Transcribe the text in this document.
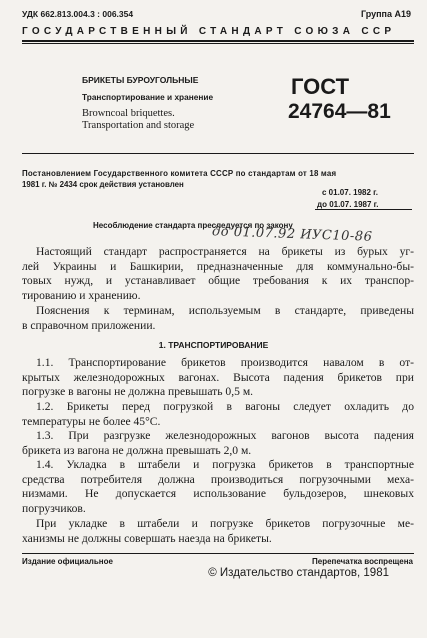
УДК 662.813.004.3 : 006.354	Группа А19
ГОСУДАРСТВЕННЫЙ СТАНДАРТ СОЮЗА ССР
БРИКЕТЫ БУРОУГОЛЬНЫЕ
Транспортирование и хранение
Browncoal briquettes.
Transportation and storage
ГОСТ
24764—81
Постановлением Государственного комитета СССР по стандартам от 18 мая
1981 г. № 2434 срок действия установлен
с 01.07. 1982 г.
до 01.07. 1987 г.
Несоблюдение стандарта преследуется по закону
до 01.07.92 ИУС10-86
Настоящий стандарт распространяется на брикеты из бурых уг-
лей Украины и Башкирии, предназначенные для коммунально-бы-
товых нужд, и устанавливает общие требования к их транспор-
тированию и хранению.
Пояснения к терминам, используемым в стандарте, приведены
в справочном приложении.
1. ТРАНСПОРТИРОВАНИЕ
1.1. Транспортирование брикетов производится навалом в от-
крытых железнодорожных вагонах. Высота падения брикетов при
погрузке в вагоны не должна превышать 0,5 м.
1.2. Брикеты перед погрузкой в вагоны следует охладить до
температуры не более 45°С.
1.3. При разгрузке железнодорожных вагонов высота падения
брикета из вагона не должна превышать 2,0 м.
1.4. Укладка в штабели и погрузка брикетов в транспортные
средства потребителя должна производиться погрузочными меха-
низмами. Не допускается использование бульдозеров, шнековых
погрузчиков.
При укладке в штабели и погрузке брикетов погрузочные ме-
ханизмы не должны совершать наезда на брикеты.
Издание официальное	Перепечатка воспрещена
© Издательство стандартов, 1981
